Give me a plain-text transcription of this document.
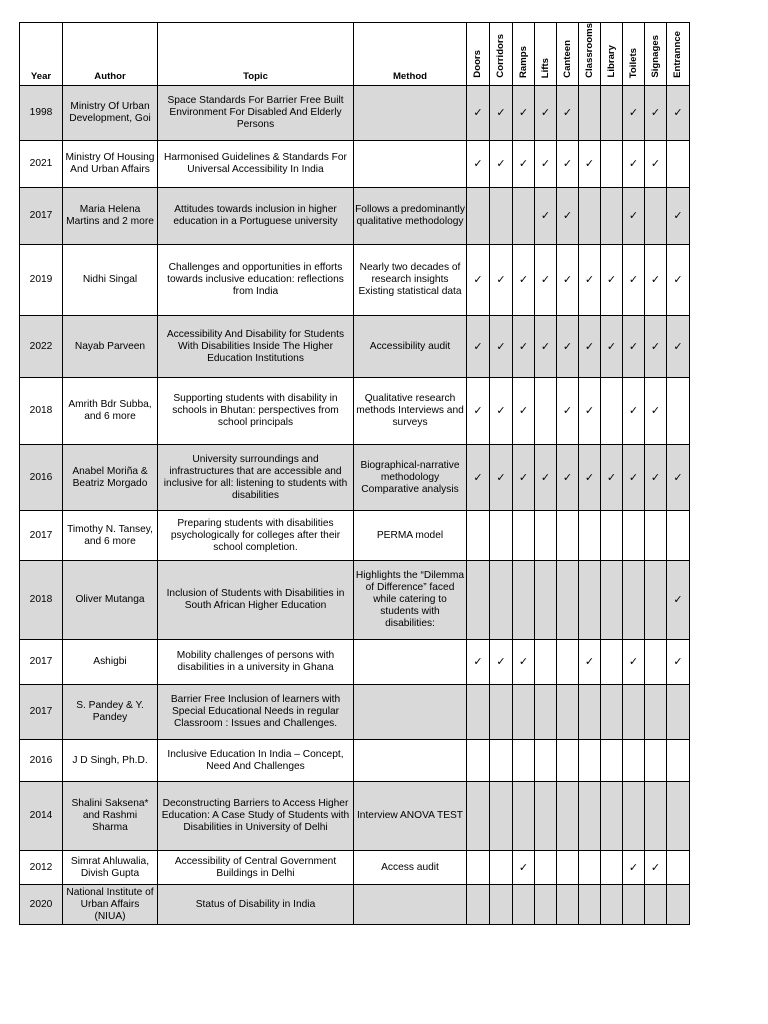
Year	Author	Topic	Method	Doors	Corridors	Ramps	Lifts	Canteen	Classrooms	Library	Toilets	Signages	Entrannce
1998	Ministry Of Urban Development, Goi	Space Standards For Barrier Free Built Environment For Disabled And Elderly Persons		✓	✓	✓	✓	✓			✓	✓	✓
2021	Ministry Of Housing And Urban Affairs	Harmonised Guidelines & Standards For Universal Accessibility In India		✓	✓	✓	✓	✓	✓		✓	✓	
2017	Maria Helena Martins and 2 more	Attitudes towards inclusion in higher education in a Portuguese university	Follows a predominantly qualitative methodology				✓	✓			✓		✓
2019	Nidhi Singal	Challenges and opportunities in efforts towards inclusive education: reflections from India	Nearly two decades of research insights Existing statistical data	✓	✓	✓	✓	✓	✓	✓	✓	✓	✓
2022	Nayab Parveen	Accessibility And Disability for Students With Disabilities Inside The Higher Education Institutions	Accessibility audit	✓	✓	✓	✓	✓	✓	✓	✓	✓	✓
2018	Amrith Bdr Subba, and 6 more	Supporting students with disability in schools in Bhutan: perspectives from school principals	Qualitative research methods Interviews and surveys	✓	✓	✓		✓	✓		✓	✓	
2016	Anabel Moriña & Beatriz Morgado	University surroundings and infrastructures that are accessible and inclusive for all: listening to students with disabilities	Biographical-narrative methodology Comparative analysis	✓	✓	✓	✓	✓	✓	✓	✓	✓	✓
2017	Timothy N. Tansey, and 6 more	Preparing students with disabilities psychologically for colleges after their school completion.	PERMA model										
2018	Oliver Mutanga	Inclusion of Students with Disabilities in South African Higher Education	Highlights the “Dilemma of Difference” faced while catering to students with disabilities:										✓
2017	Ashigbi	Mobility challenges of persons with disabilities in a university in Ghana		✓	✓	✓			✓		✓		✓
2017	S. Pandey & Y. Pandey	Barrier Free Inclusion of learners with Special Educational Needs in regular Classroom : Issues and Challenges.											
2016	J D Singh, Ph.D.	Inclusive Education In India – Concept, Need And Challenges											
2014	Shalini Saksena* and Rashmi Sharma	Deconstructing Barriers to Access Higher Education: A Case Study of Students with Disabilities in University of Delhi	Interview ANOVA TEST										
2012	Simrat Ahluwalia, Divish Gupta	Accessibility of Central Government Buildings in Delhi	Access audit			✓					✓	✓	
2020	National Institute of Urban Affairs (NIUA)	Status of Disability in India											
